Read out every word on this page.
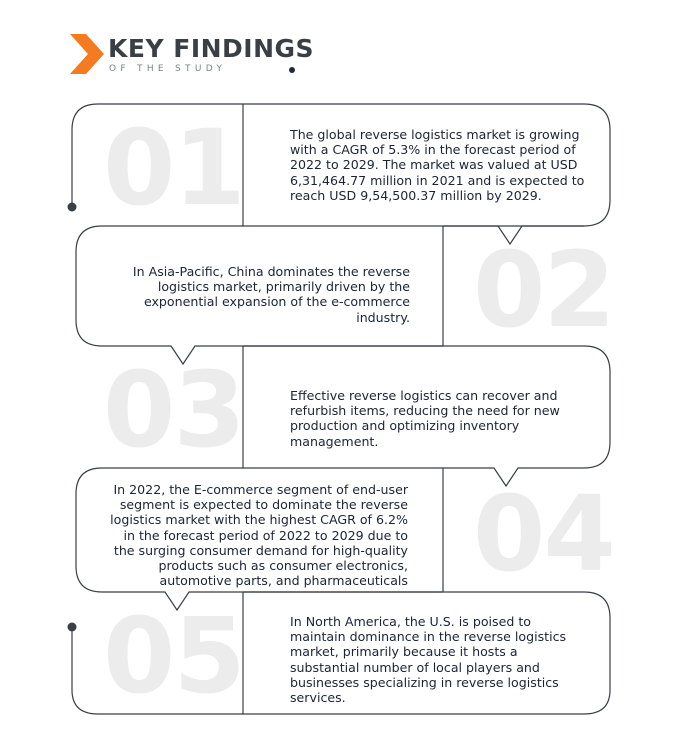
KEY FINDINGS
OF THE STUDY
01
02
03
04
05
The global reverse logistics market is growing with a CAGR of 5.3% in the forecast period of 2022 to 2029. The market was valued at USD 6,31,464.77 million in 2021 and is expected to reach USD 9,54,500.37 million by 2029.
In Asia-Pacific, China dominates the reverse logistics market, primarily driven by the exponential expansion of the e-commerce industry.
Effective reverse logistics can recover and refurbish items, reducing the need for new production and optimizing inventory management.
In 2022, the E-commerce segment of end-user segment is expected to dominate the reverse logistics market with the highest CAGR of 6.2% in the forecast period of 2022 to 2029 due to the surging consumer demand for high-quality products such as consumer electronics, automotive parts, and pharmaceuticals
In North America, the U.S. is poised to maintain dominance in the reverse logistics market, primarily because it hosts a substantial number of local players and businesses specializing in reverse logistics services.
